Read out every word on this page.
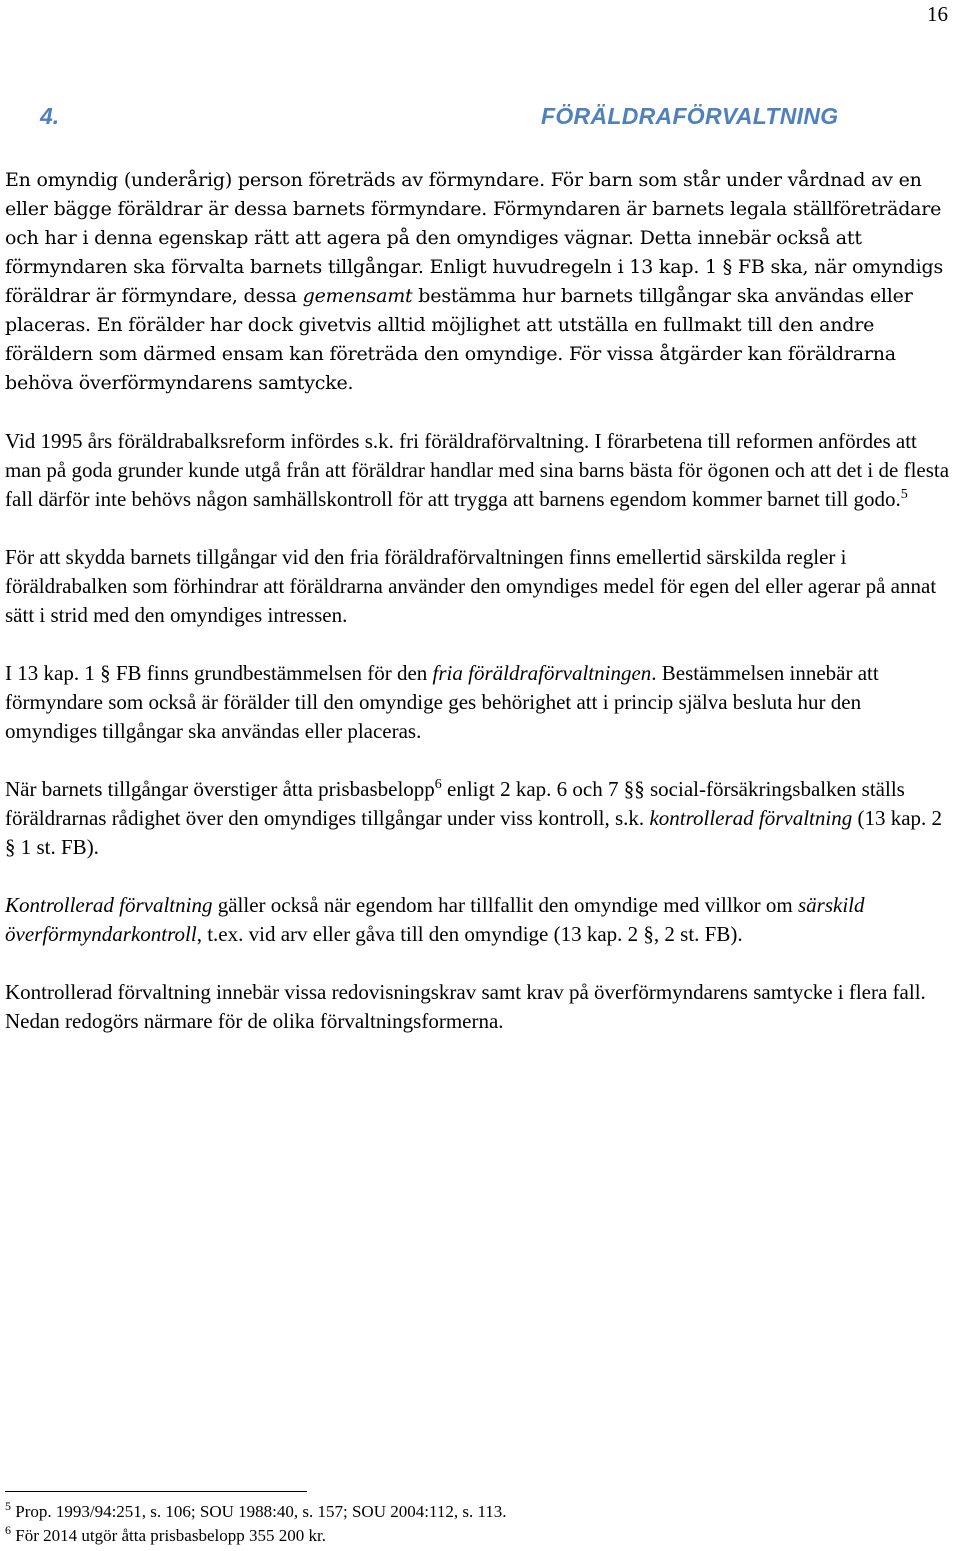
16
4.	FÖRÄLDRAFÖRVALTNING

En omyndig (underårig) person företräds av förmyndare. För barn som står under vårdnad av en eller bägge föräldrar är dessa barnets förmyndare. Förmyndaren är barnets legala ställföreträdare och har i denna egenskap rätt att agera på den omyndiges vägnar. Detta innebär också att förmyndaren ska förvalta barnets tillgångar. Enligt huvudregeln i 13 kap. 1 § FB ska, när omyndigs föräldrar är förmyndare, dessa gemensamt bestämma hur barnets tillgångar ska användas eller placeras. En förälder har dock givetvis alltid möjlighet att utställa en fullmakt till den andre föräldern som därmed ensam kan företräda den omyndige. För vissa åtgärder kan föräldrarna behöva överförmyndarens samtycke.

Vid 1995 års föräldrabalksreform infördes s.k. fri föräldraförvaltning. I förarbetena till reformen anfördes att man på goda grunder kunde utgå från att föräldrar handlar med sina barns bästa för ögonen och att det i de flesta fall därför inte behövs någon samhällskontroll för att trygga att barnens egendom kommer barnet till godo.$^5$

För att skydda barnets tillgångar vid den fria föräldraförvaltningen finns emellertid särskilda regler i föräldrabalken som förhindrar att föräldrarna använder den omyndiges medel för egen del eller agerar på annat sätt i strid med den omyndiges intressen.

I 13 kap. 1 § FB finns grundbestämmelsen för den fria föräldraförvaltningen. Bestämmelsen innebär att förmyndare som också är förälder till den omyndige ges behörighet att i princip själva besluta hur den omyndiges tillgångar ska användas eller placeras.

När barnets tillgångar överstiger åtta prisbasbelopp$^6$ enligt 2 kap. 6 och 7 §§ social-försäkringsbalken ställs föräldrarnas rådighet över den omyndiges tillgångar under viss kontroll, s.k. kontrollerad förvaltning (13 kap. 2 § 1 st. FB).

Kontrollerad förvaltning gäller också när egendom har tillfallit den omyndige med villkor om särskild överförmyndarkontroll, t.ex. vid arv eller gåva till den omyndige (13 kap. 2 §, 2 st. FB).

Kontrollerad förvaltning innebär vissa redovisningskrav samt krav på överförmyndarens samtycke i flera fall. Nedan redogörs närmare för de olika förvaltningsformerna.

$^5$ Prop. 1993/94:251, s. 106; SOU 1988:40, s. 157; SOU 2004:112, s. 113.
$^6$ För 2014 utgör åtta prisbasbelopp 355 200 kr.
